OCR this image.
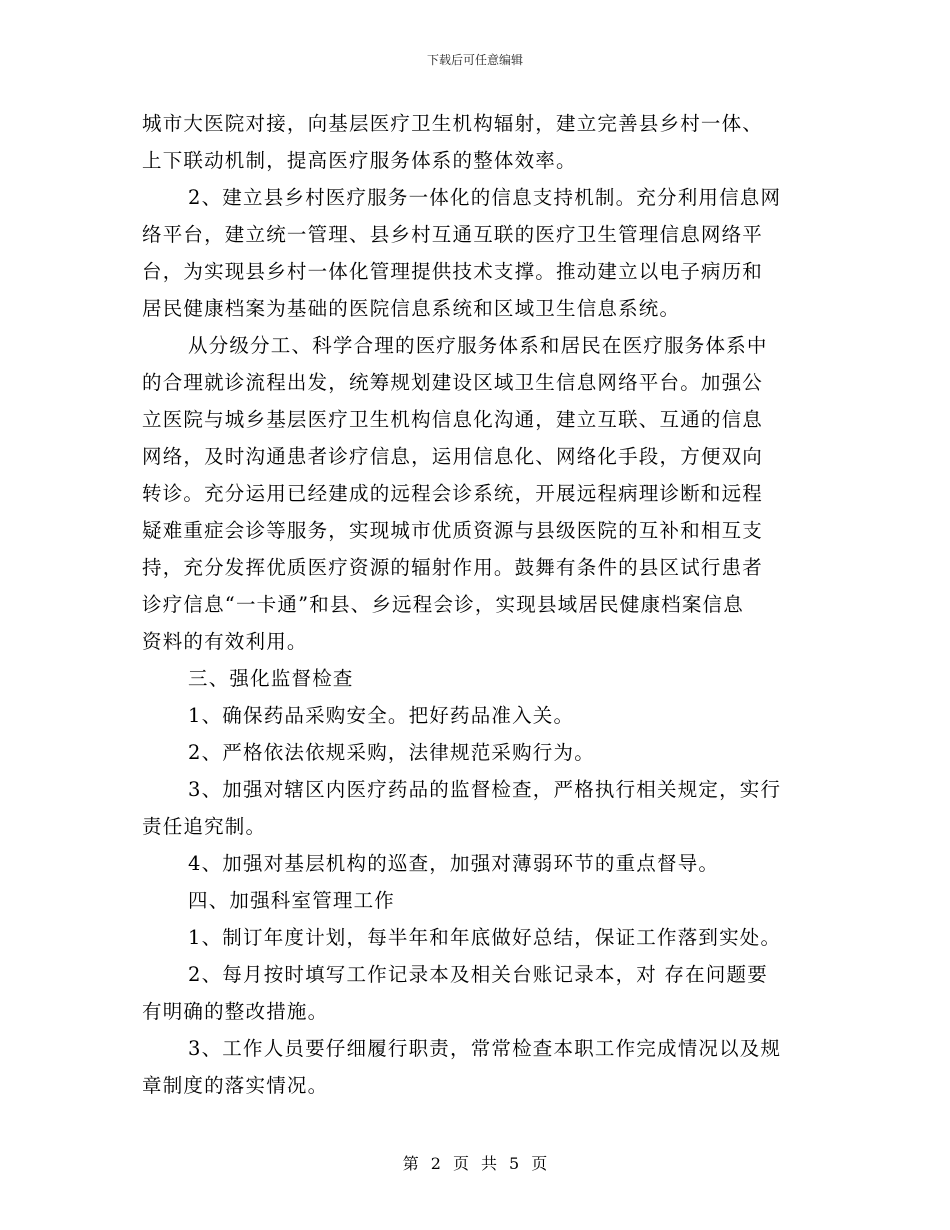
下载后可任意编辑
城市大医院对接，向基层医疗卫生机构辐射，建立完善县乡村一体、
上下联动机制，提高医疗服务体系的整体效率。
2、建立县乡村医疗服务一体化的信息支持机制。充分利用信息网
络平台，建立统一管理、县乡村互通互联的医疗卫生管理信息网络平
台，为实现县乡村一体化管理提供技术支撑。推动建立以电子病历和
居民健康档案为基础的医院信息系统和区域卫生信息系统。
从分级分工、科学合理的医疗服务体系和居民在医疗服务体系中
的合理就诊流程出发，统筹规划建设区域卫生信息网络平台。加强公
立医院与城乡基层医疗卫生机构信息化沟通，建立互联、互通的信息
网络，及时沟通患者诊疗信息，运用信息化、网络化手段，方便双向
转诊。充分运用已经建成的远程会诊系统，开展远程病理诊断和远程
疑难重症会诊等服务，实现城市优质资源与县级医院的互补和相互支
持，充分发挥优质医疗资源的辐射作用。鼓舞有条件的县区试行患者
诊疗信息“一卡通”和县、乡远程会诊，实现县域居民健康档案信息
资料的有效利用。
三、强化监督检查
1、确保药品采购安全。把好药品准入关。
2、严格依法依规采购，法律规范采购行为。
3、加强对辖区内医疗药品的监督检查，严格执行相关规定，实行
责任追究制。
4、加强对基层机构的巡查，加强对薄弱环节的重点督导。
四、加强科室管理工作
1、制订年度计划，每半年和年底做好总结，保证工作落到实处。
2、每月按时填写工作记录本及相关台账记录本，对 存在问题要
有明确的整改措施。
3、工作人员要仔细履行职责，常常检查本职工作完成情况以及规
章制度的落实情况。
第 2 页 共 5 页
